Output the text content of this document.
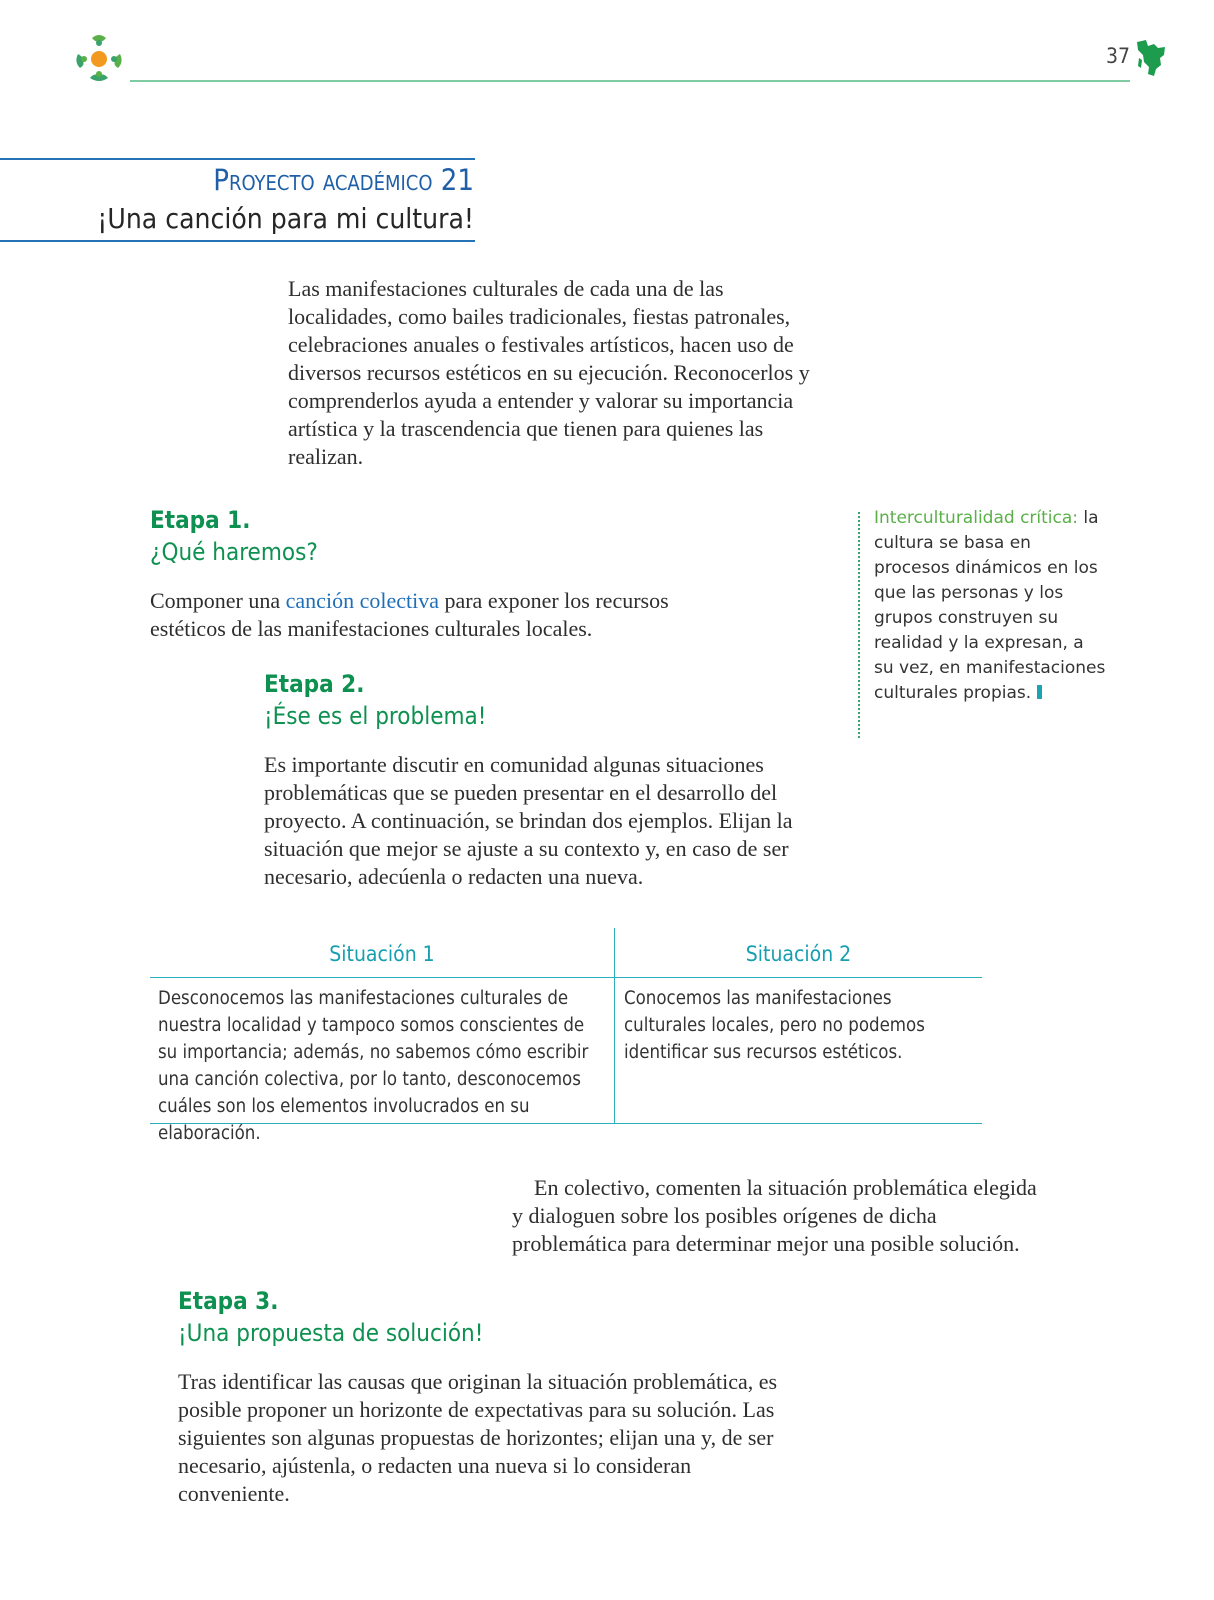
37
Proyecto académico 21
¡Una canción para mi cultura!
Las manifestaciones culturales de cada una de las localidades, como bailes tradicionales, fiestas patronales, celebraciones anuales o festivales artísticos, hacen uso de diversos recursos estéticos en su ejecución. Reconocerlos y comprenderlos ayuda a entender y valorar su importancia artística y la trascendencia que tienen para quienes las realizan.
Etapa 1.
¿Qué haremos?
Componer una canción colectiva para exponer los recursos estéticos de las manifestaciones culturales locales.
Etapa 2.
¡Ése es el problema!
Es importante discutir en comunidad algunas situaciones problemáticas que se pueden presentar en el desarrollo del proyecto. A continuación, se brindan dos ejemplos. Elijan la situación que mejor se ajuste a su contexto y, en caso de ser necesario, adecúenla o redacten una nueva.
Interculturalidad crítica: la cultura se basa en procesos dinámicos en los que las personas y los grupos construyen su realidad y la expresan, a su vez, en manifestaciones culturales propias.
Situación 1	Situación 2
Desconocemos las manifestaciones culturales de nuestra localidad y tampoco somos conscientes de su importancia; además, no sabemos cómo escribir una canción colectiva, por lo tanto, desconocemos cuáles son los elementos involucrados en su elaboración.
Conocemos las manifestaciones culturales locales, pero no podemos identificar sus recursos estéticos.
En colectivo, comenten la situación problemática elegida y dialoguen sobre los posibles orígenes de dicha problemática para determinar mejor una posible solución.
Etapa 3.
¡Una propuesta de solución!
Tras identificar las causas que originan la situación problemática, es posible proponer un horizonte de expectativas para su solución. Las siguientes son algunas propuestas de horizontes; elijan una y, de ser necesario, ajústenla, o redacten una nueva si lo consideran conveniente.
